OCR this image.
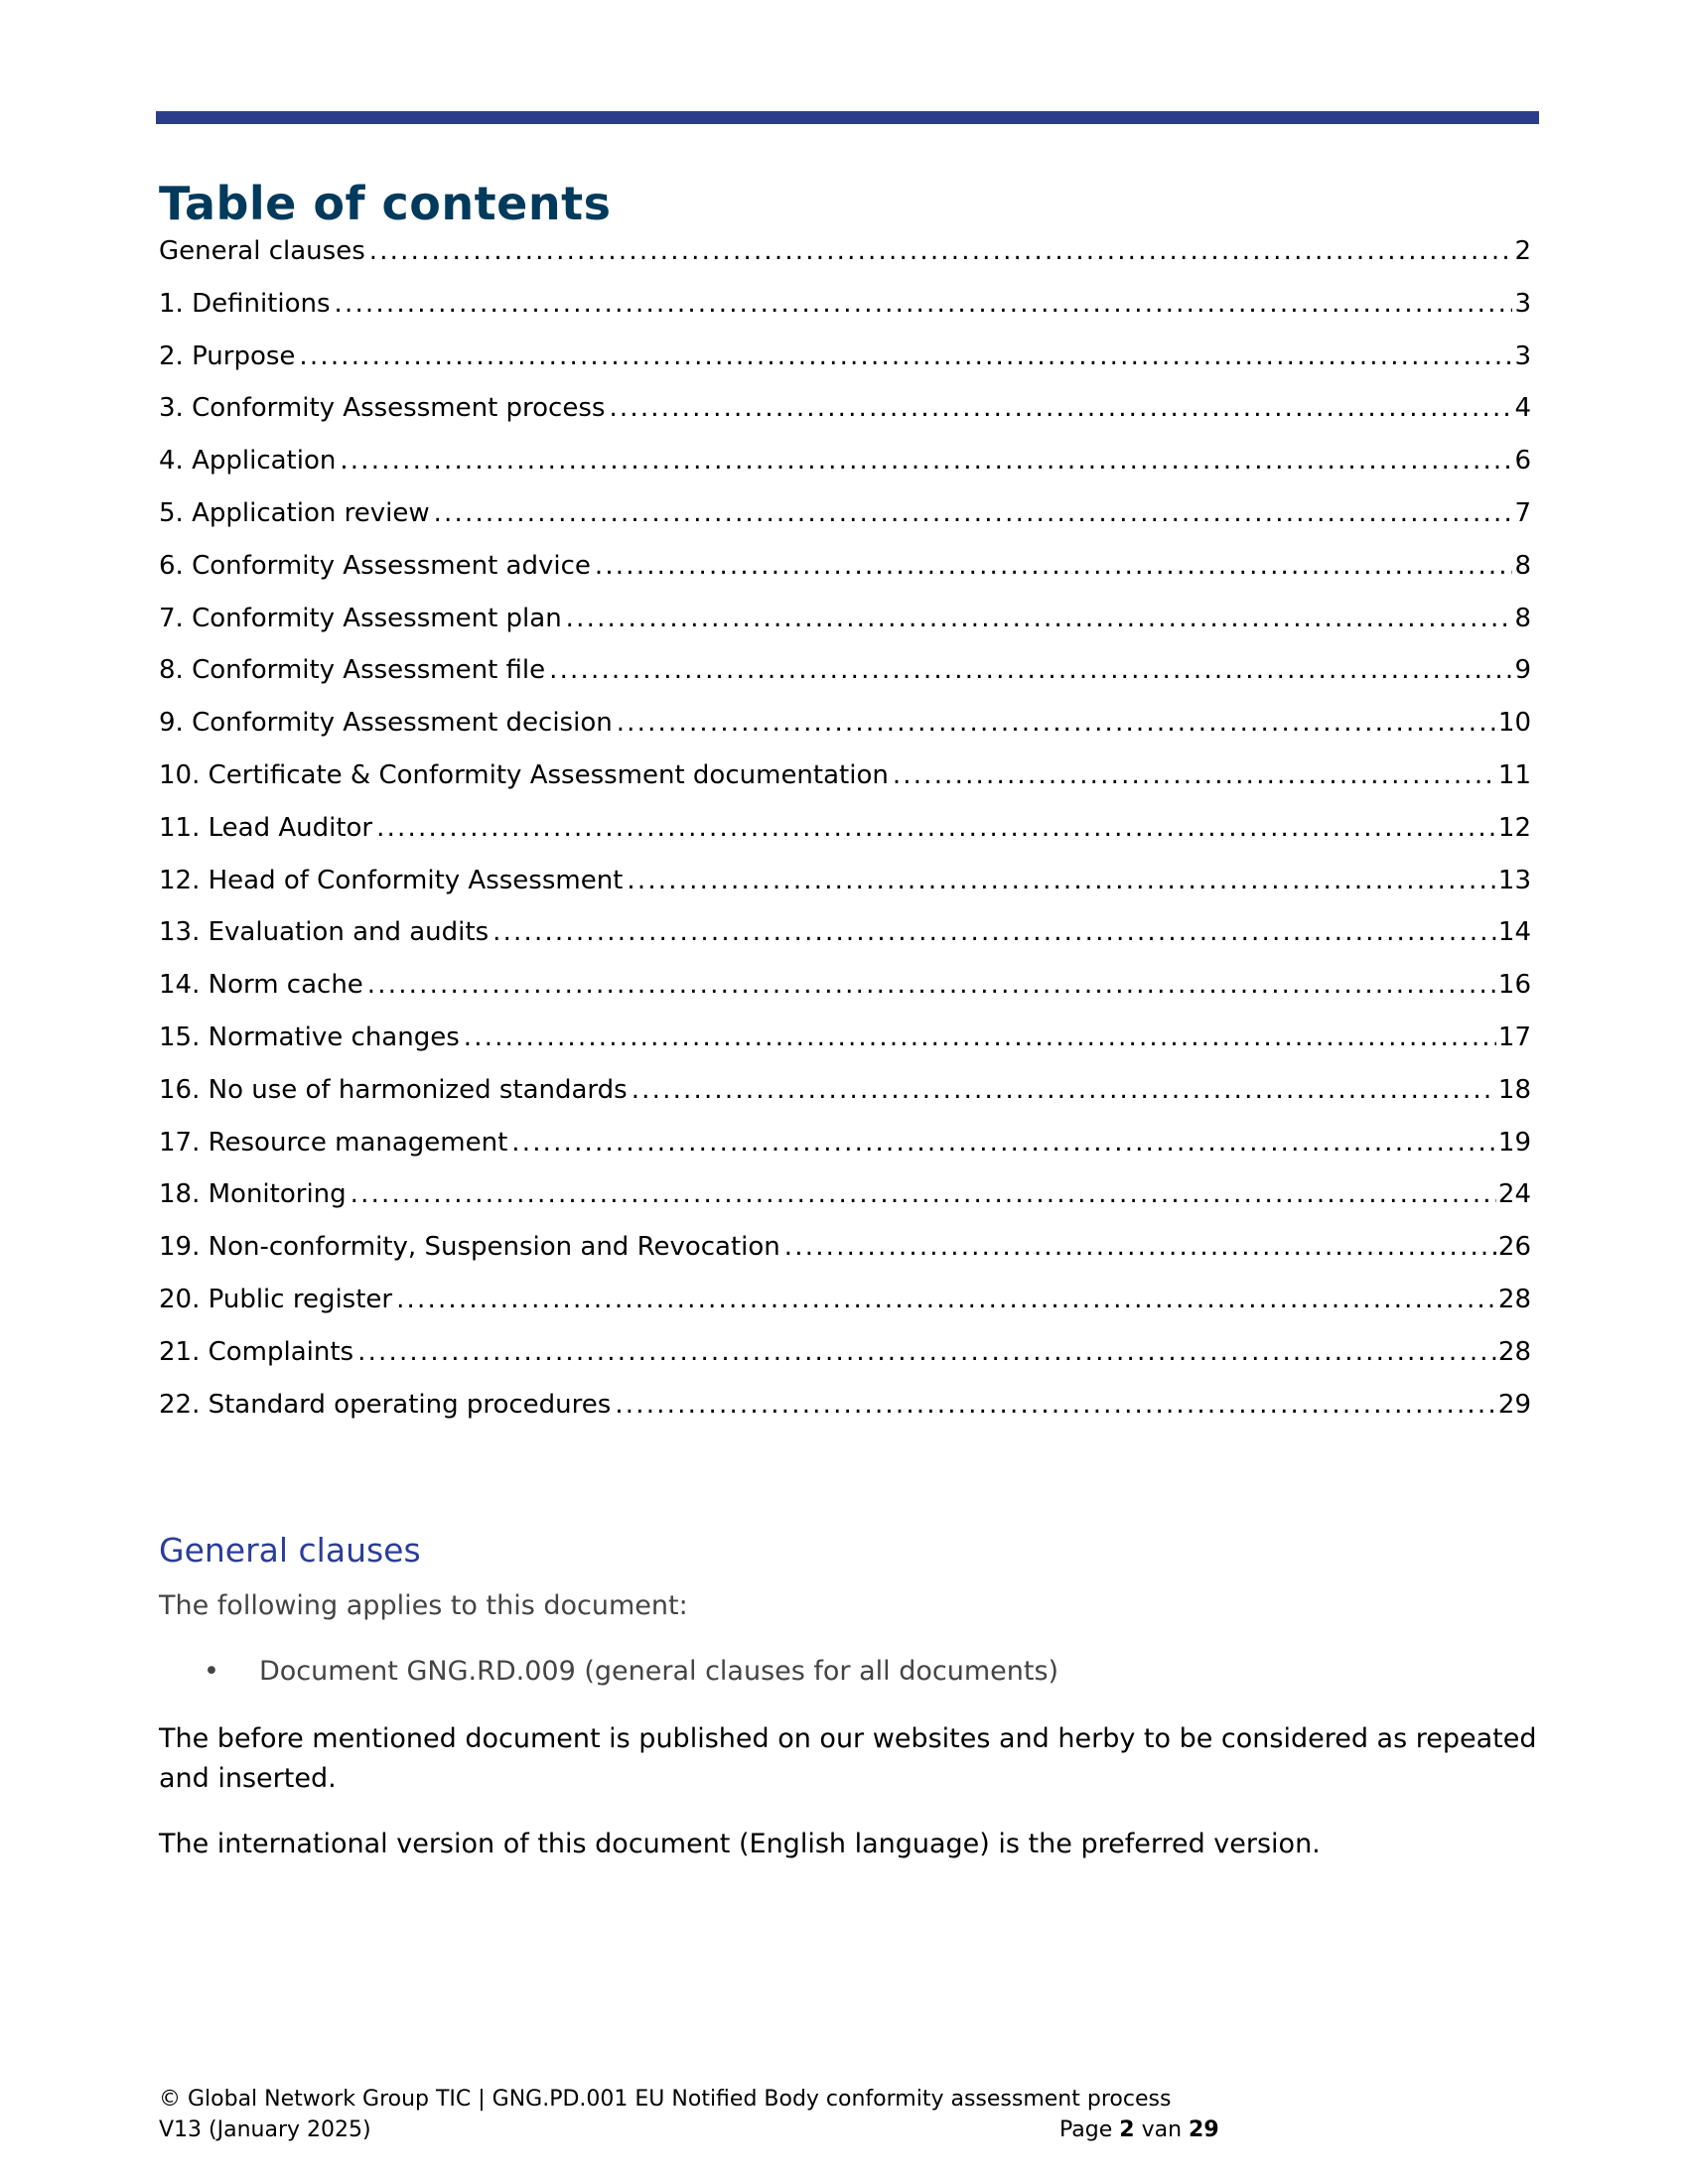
Table of contents
General clauses .....	2
1. Definitions .....	3
2. Purpose .....	3
3. Conformity Assessment process .....	4
4. Application .....	6
5. Application review .....	7
6. Conformity Assessment advice .....	8
7. Conformity Assessment plan .....	8
8. Conformity Assessment file .....	9
9. Conformity Assessment decision .....	10
10. Certificate & Conformity Assessment documentation .....	11
11. Lead Auditor .....	12
12. Head of Conformity Assessment .....	13
13. Evaluation and audits .....	14
14. Norm cache .....	16
15. Normative changes .....	17
16. No use of harmonized standards .....	18
17. Resource management .....	19
18. Monitoring .....	24
19. Non-conformity, Suspension and Revocation .....	26
20. Public register .....	28
21. Complaints .....	28
22. Standard operating procedures .....	29
General clauses
The following applies to this document:
•	Document GNG.RD.009 (general clauses for all documents)
The before mentioned document is published on our websites and herby to be considered as repeated and inserted.
The international version of this document (English language) is the preferred version.
© Global Network Group TIC | GNG.PD.001 EU Notified Body conformity assessment process
V13 (January 2025)	Page 2 van 29
